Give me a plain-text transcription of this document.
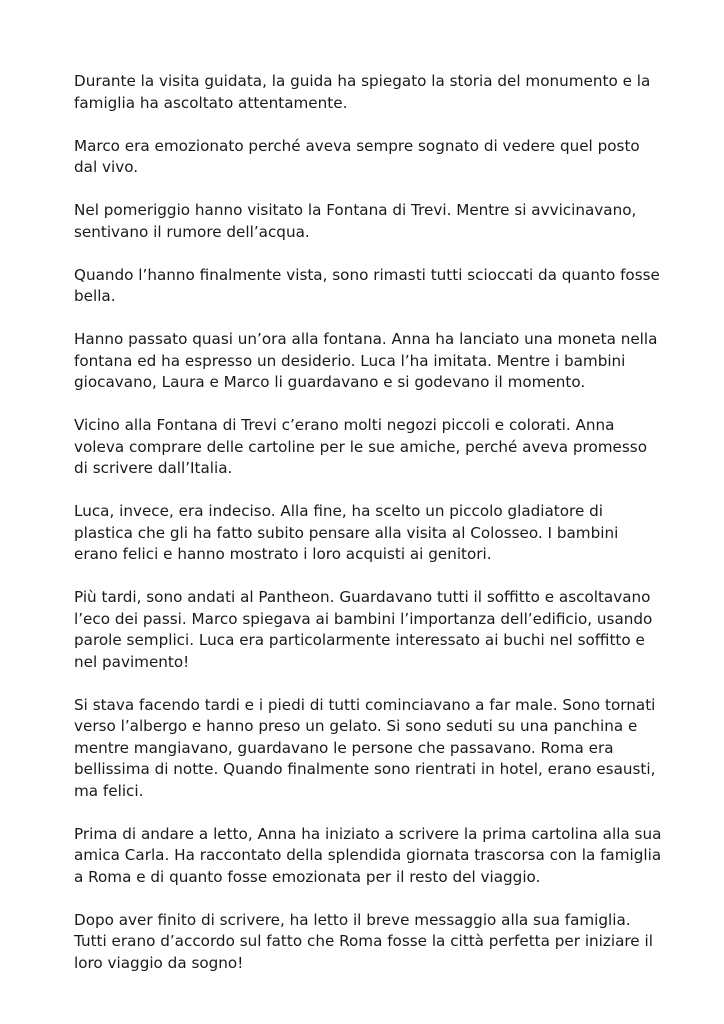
Durante la visita guidata, la guida ha spiegato la storia del monumento e la famiglia ha ascoltato attentamente.

Marco era emozionato perché aveva sempre sognato di vedere quel posto dal vivo.

Nel pomeriggio hanno visitato la Fontana di Trevi. Mentre si avvicinavano, sentivano il rumore dell’acqua.

Quando l’hanno finalmente vista, sono rimasti tutti scioccati da quanto fosse bella.

Hanno passato quasi un’ora alla fontana. Anna ha lanciato una moneta nella fontana ed ha espresso un desiderio. Luca l’ha imitata. Mentre i bambini giocavano, Laura e Marco li guardavano e si godevano il momento.

Vicino alla Fontana di Trevi c’erano molti negozi piccoli e colorati. Anna voleva comprare delle cartoline per le sue amiche, perché aveva promesso di scrivere dall’Italia.

Luca, invece, era indeciso. Alla fine, ha scelto un piccolo gladiatore di plastica che gli ha fatto subito pensare alla visita al Colosseo. I bambini erano felici e hanno mostrato i loro acquisti ai genitori.

Più tardi, sono andati al Pantheon. Guardavano tutti il soffitto e ascoltavano l’eco dei passi. Marco spiegava ai bambini l’importanza dell’edificio, usando parole semplici. Luca era particolarmente interessato ai buchi nel soffitto e nel pavimento!

Si stava facendo tardi e i piedi di tutti cominciavano a far male. Sono tornati verso l’albergo e hanno preso un gelato. Si sono seduti su una panchina e mentre mangiavano, guardavano le persone che passavano. Roma era bellissima di notte. Quando finalmente sono rientrati in hotel, erano esausti, ma felici.

Prima di andare a letto, Anna ha iniziato a scrivere la prima cartolina alla sua amica Carla. Ha raccontato della splendida giornata trascorsa con la famiglia a Roma e di quanto fosse emozionata per il resto del viaggio.

Dopo aver finito di scrivere, ha letto il breve messaggio alla sua famiglia. Tutti erano d’accordo sul fatto che Roma fosse la città perfetta per iniziare il loro viaggio da sogno!
